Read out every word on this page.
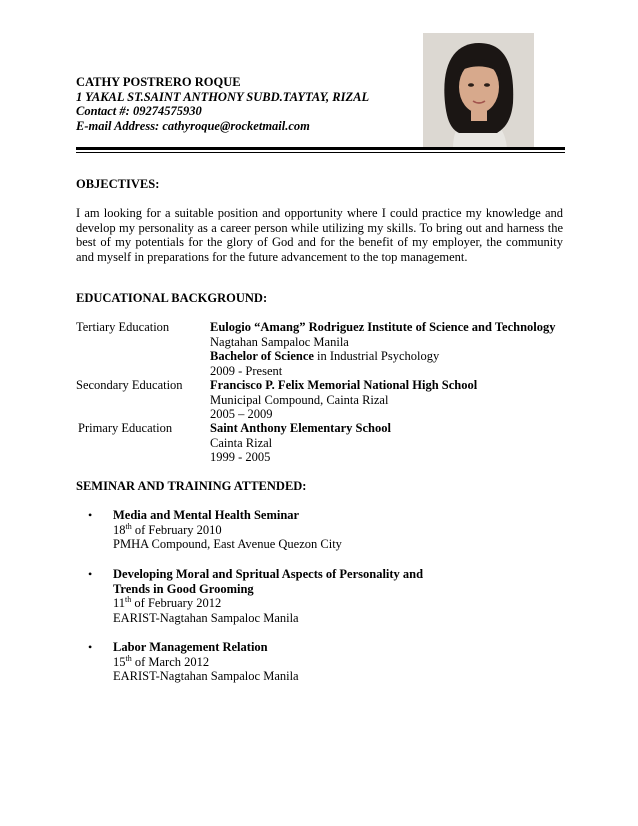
CATHY POSTRERO ROQUE
1 YAKAL ST.SAINT ANTHONY SUBD.TAYTAY, RIZAL
Contact #: 09274575930
E-mail Address: cathyroque@rocketmail.com
OBJECTIVES:

I am looking for a suitable position and opportunity where I could practice my knowledge and develop my personality as a career person while utilizing my skills. To bring out and harness the best of my potentials for the glory of God and for the benefit of my employer, the community and myself in preparations for the future advancement to the top management.

EDUCATIONAL BACKGROUND:
Tertiary Education	Eulogio “Amang” Rodriguez Institute of Science and Technology
Nagtahan Sampaloc Manila
Bachelor of Science in Industrial Psychology
2009 - Present
Secondary Education Francisco P. Felix Memorial National High School
Municipal Compound, Cainta Rizal
2005 – 2009
Primary Education	Saint Anthony Elementary School
Cainta Rizal
1999 - 2005
SEMINAR AND TRAINING ATTENDED:
• Media and Mental Health Seminar
18th of February 2010
PMHA Compound, East Avenue Quezon City
• Developing Moral and Spritual Aspects of Personality and
Trends in Good Grooming
11th of February 2012
EARIST-Nagtahan Sampaloc Manila
• Labor Management Relation
15th of March 2012
EARIST-Nagtahan Sampaloc Manila
